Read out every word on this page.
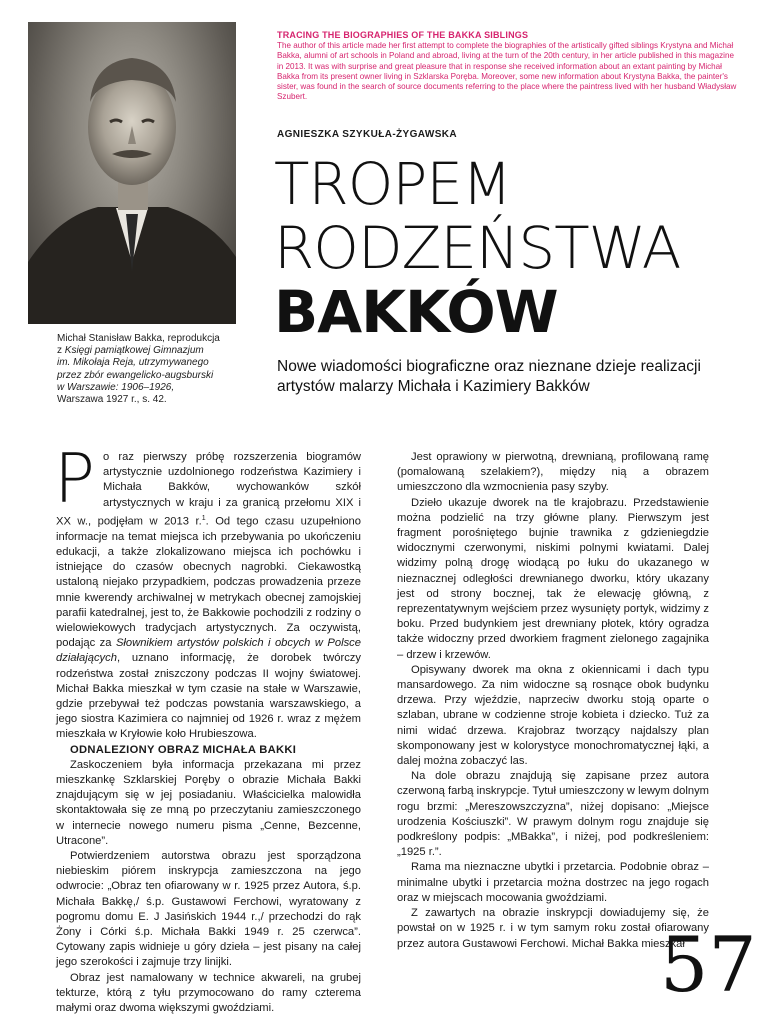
Michał Stanisław Bakka, reprodukcja
z Księgi pamiątkowej Gimnazjum
im. Mikołaja Reja, utrzymywanego
przez zbór ewangelicko-augsburski
w Warszawie: 1906–1926,
Warszawa 1927 r., s. 42.
TRACING THE BIOGRAPHIES OF THE BAKKA SIBLINGS
The author of this article made her first attempt to complete the biographies of the artistically gifted siblings Krystyna and Michał Bakka, alumni of art schools in Poland and abroad, living at the turn of the 20th century, in her article published in this magazine in 2013. It was with surprise and great pleasure that in response she received information about an extant painting by Michał Bakka from its present owner living in Szklarska Poręba. Moreover, some new information about Krystyna Bakka, the painter's sister, was found in the search of source documents referring to the place where the paintress lived with her husband Władysław Szubert.
AGNIESZKA SZYKUŁA-ŻYGAWSKA
TROPEM
RODZEŃSTWA
BAKKÓW
Nowe wiadomości biograficzne oraz nieznane dzieje realizacji artystów malarzy Michała i Kazimiery Bakków

Po raz pierwszy próbę rozszerzenia biogramów artystycznie uzdolnionego rodzeństwa Kazimiery i Michała Bakków, wychowanków szkół artystycznych w kraju i za granicą przełomu XIX i XX w., podjęłam w 2013 r.$^1$. Od tego czasu uzupełniono informacje na temat miejsca ich przebywania po ukończeniu edukacji, a także zlokalizowano miejsca ich pochówku i istniejące do czasów obecnych nagrobki. Ciekawostką ustaloną niejako przypadkiem, podczas prowadzenia przeze mnie kwerendy archiwalnej w metrykach obecnej zamojskiej parafii katedralnej, jest to, że Bakkowie pochodzili z rodziny o wielowiekowych tradycjach artystycznych. Za oczywistą, podając za Słownikiem artystów polskich i obcych w Polsce działających, uznano informację, że dorobek twórczy rodzeństwa został zniszczony podczas II wojny światowej. Michał Bakka mieszkał w tym czasie na stałe w Warszawie, gdzie przebywał też podczas powstania warszawskiego, a jego siostra Kazimiera co najmniej od 1926 r. wraz z mężem mieszkała w Kryłowie koło Hrubieszowa.

ODNALEZIONY OBRAZ MICHAŁA BAKKI

Zaskoczeniem była informacja przekazana mi przez mieszkankę Szklarskiej Poręby o obrazie Michała Bakki znajdującym się w jej posiadaniu. Właścicielka malowidła skontaktowała się ze mną po przeczytaniu zamieszczonego w internecie nowego numeru pisma „Cenne, Bezcenne, Utracone”.

Potwierdzeniem autorstwa obrazu jest sporządzona niebieskim piórem inskrypcja zamieszczona na jego odwrocie: „Obraz ten ofiarowany w r. 1925 przez Autora, ś.p. Michała Bakkę,/ ś.p. Gustawowi Ferchowi, wyratowany z pogromu domu E. J Jasińskich 1944 r.,/ przechodzi do rąk Żony i Córki ś.p. Michała Bakki 1949 r. 25 czerwca”. Cytowany zapis widnieje u góry dzieła – jest pisany na całej jego szerokości i zajmuje trzy linijki.

Obraz jest namalowany w technice akwareli, na grubej tekturze, którą z tyłu przymocowano do ramy czterema małymi oraz dwoma większymi gwoździami.

Jest oprawiony w pierwotną, drewnianą, profilowaną ramę (pomalowaną szelakiem?), między nią a obrazem umieszczono dla wzmocnienia pasy szyby.

Dzieło ukazuje dworek na tle krajobrazu. Przedstawienie można podzielić na trzy główne plany. Pierwszym jest fragment porośniętego bujnie trawnika z gdzieniegdzie widocznymi czerwonymi, niskimi polnymi kwiatami. Dalej widzimy polną drogę wiodącą po łuku do ukazanego w nieznacznej odległości drewnianego dworku, który ukazany jest od strony bocznej, tak że elewację główną, z reprezentatywnym wejściem przez wysunięty portyk, widzimy z boku. Przed budynkiem jest drewniany płotek, który ogradza także widoczny przed dworkiem fragment zielonego zagajnika – drzew i krzewów.

Opisywany dworek ma okna z okiennicami i dach typu mansardowego. Za nim widoczne są rosnące obok budynku drzewa. Przy wjeździe, naprzeciw dworku stoją oparte o szlaban, ubrane w codzienne stroje kobieta i dziecko. Tuż za nimi widać drzewa. Krajobraz tworzący najdalszy plan skomponowany jest w kolorystyce monochromatycznej łąki, a dalej można zobaczyć las.

Na dole obrazu znajdują się zapisane przez autora czerwoną farbą inskrypcje. Tytuł umieszczony w lewym dolnym rogu brzmi: „Mereszowszczyzna”, niżej dopisano: „Miejsce urodzenia Kościuszki”. W prawym dolnym rogu znajduje się podkreślony podpis: „MBakka”, i niżej, pod podkreśleniem: „1925 r.”.

Rama ma nieznaczne ubytki i przetarcia. Podobnie obraz – minimalne ubytki i przetarcia można dostrzec na jego rogach oraz w miejscach mocowania gwoździami.

Z zawartych na obrazie inskrypcji dowiadujemy się, że powstał on w 1925 r. i w tym samym roku został ofiarowany przez autora Gustawowi Ferchowi. Michał Bakka mieszkał

57
